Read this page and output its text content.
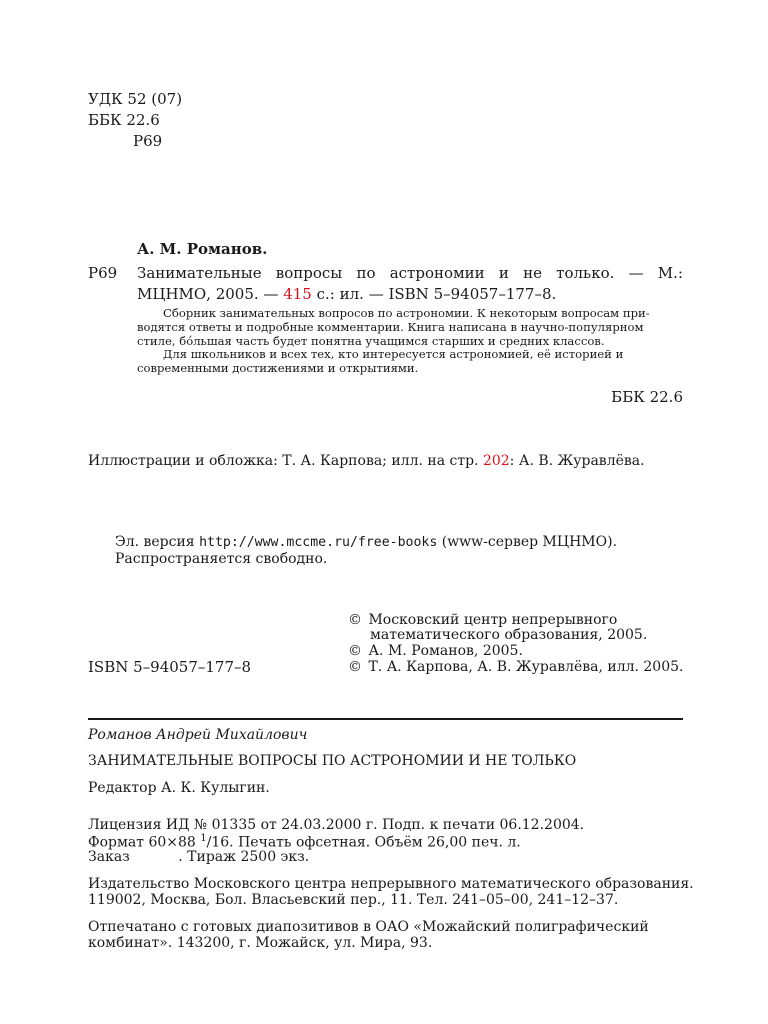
УДК 52 (07)
ББК 22.6
Р69
А. М. Романов.
Р69 Занимательные вопросы по астрономии и не только. — М.:
МЦНМО, 2005. — 415 с.: ил. — ISBN 5–94057–177–8.
Сборник занимательных вопросов по астрономии. К некоторым вопросам при-
водятся ответы и подробные комментарии. Книга написана в научно-популярном
стиле, бóльшая часть будет понятна учащимся старших и средних классов.
Для школьников и всех тех, кто интересуется астрономией, её историей и
современными достижениями и открытиями.
ББК 22.6
Иллюстрации и обложка: Т. А. Карпова; илл. на стр. 202: А. В. Журавлёва.
Эл. версия http://www.mccme.ru/free-books (www-сервер МЦНМО).
Распространяется свободно.
© Московский центр непрерывного
математического образования, 2005.
© А. М. Романов, 2005.
© Т. А. Карпова, А. В. Журавлёва, илл. 2005.
ISBN 5–94057–177–8
Романов Андрей Михайлович
ЗАНИМАТЕЛЬНЫЕ ВОПРОСЫ ПО АСТРОНОМИИ И НЕ ТОЛЬКО
Редактор А. К. Кулыгин.
Лицензия ИД № 01335 от 24.03.2000 г. Подп. к печати 06.12.2004.
Формат 60×88 $^1$/16. Печать офсетная. Объём 26,00 печ. л.
Заказ	. Тираж 2500 экз.
Издательство Московского центра непрерывного математического образования.
119002, Москва, Бол. Власьевский пер., 11. Тел. 241–05–00, 241–12–37.
Отпечатано с готовых диапозитивов в ОАО «Можайский полиграфический
комбинат». 143200, г. Можайск, ул. Мира, 93.
